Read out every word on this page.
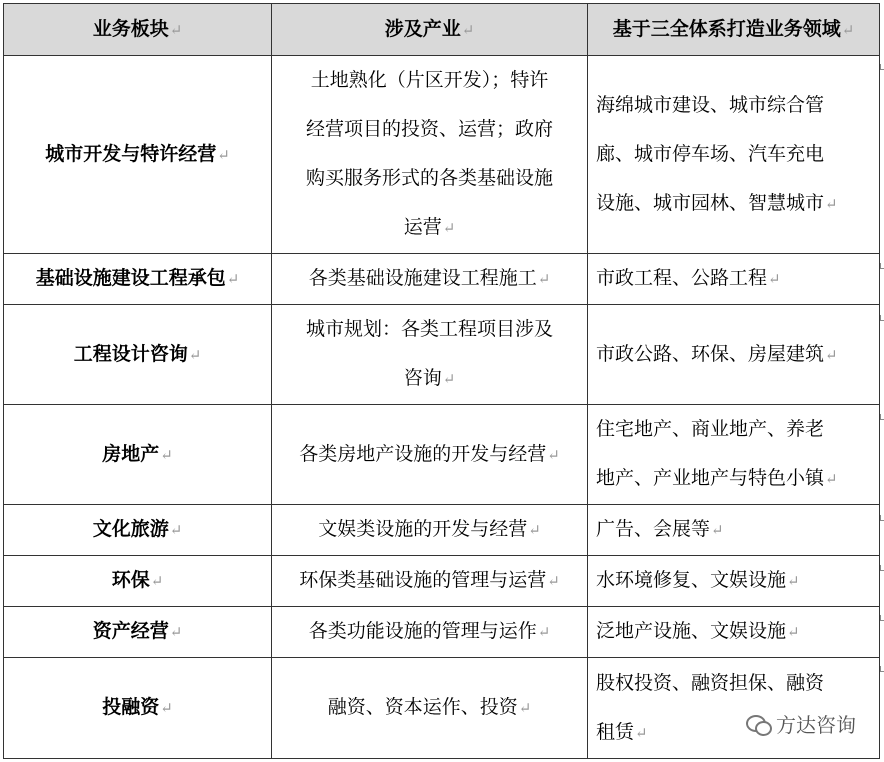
业务板块 ↵	涉及产业 ↵	基于三全体系打造业务领域 ↵
城市开发与特许经营 ↵	土地熟化（片区开发）；特许
经营项目的投资、运营；政府
购买服务形式的各类基础设施
运营 ↵	海绵城市建设、城市综合管
廊、城市停车场、汽车充电
设施、城市园林、智慧城市 ↵
基础设施建设工程承包 ↵	各类基础设施建设工程施工 ↵	市政工程、公路工程 ↵
工程设计咨询 ↵	城市规划：各类工程项目涉及
咨询 ↵	市政公路、环保、房屋建筑 ↵
房地产 ↵	各类房地产设施的开发与经营 ↵	住宅地产、商业地产、养老
地产、产业地产与特色小镇 ↵
文化旅游 ↵	文娱类设施的开发与经营 ↵	广告、会展等 ↵
环保 ↵	环保类基础设施的管理与运营 ↵	水环境修复、文娱设施 ↵
资产经营 ↵	各类功能设施的管理与运作 ↵	泛地产设施、文娱设施 ↵
投融资 ↵	融资、资本运作、投资 ↵	股权投资、融资担保、融资
租赁 ↵	方达咨询
